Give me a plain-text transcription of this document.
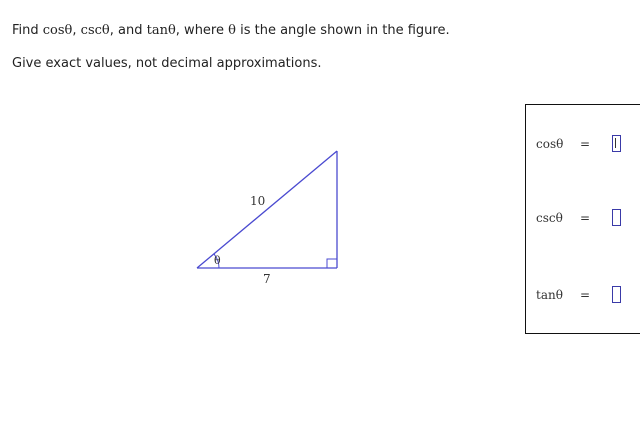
Find cosθ, cscθ, and tanθ, where θ is the angle shown in the figure.
Give exact values, not decimal approximations.
10
7
θ
cosθ =
cscθ =
tanθ =
